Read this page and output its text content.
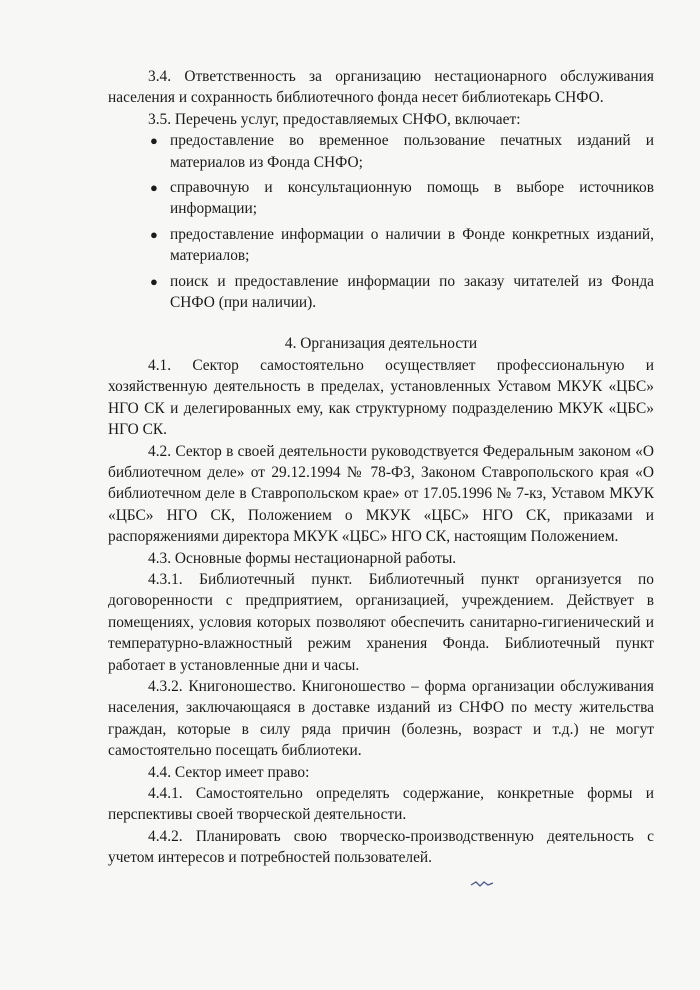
3.4. Ответственность за организацию нестационарного обслуживания населения и сохранность библиотечного фонда несет библиотекарь СНФО.

3.5. Перечень услуг, предоставляемых СНФО, включает:

● предоставление во временное пользование печатных изданий и материалов из Фонда СНФО;
● справочную и консультационную помощь в выборе источников информации;
● предоставление информации о наличии в Фонде конкретных изданий, материалов;
● поиск и предоставление информации по заказу читателей из Фонда СНФО (при наличии).

4. Организация деятельности

4.1. Сектор самостоятельно осуществляет профессиональную и хозяйственную деятельность в пределах, установленных Уставом МКУК «ЦБС» НГО СК и делегированных ему, как структурному подразделению МКУК «ЦБС» НГО СК.

4.2. Сектор в своей деятельности руководствуется Федеральным законом «О библиотечном деле» от 29.12.1994 № 78-ФЗ, Законом Ставропольского края «О библиотечном деле в Ставропольском крае» от 17.05.1996 № 7-кз, Уставом МКУК «ЦБС» НГО СК, Положением о МКУК «ЦБС» НГО СК, приказами и распоряжениями директора МКУК «ЦБС» НГО СК, настоящим Положением.

4.3. Основные формы нестационарной работы.

4.3.1. Библиотечный пункт. Библиотечный пункт организуется по договоренности с предприятием, организацией, учреждением. Действует в помещениях, условия которых позволяют обеспечить санитарно-гигиенический и температурно-влажностный режим хранения Фонда. Библиотечный пункт работает в установленные дни и часы.

4.3.2. Книгоношество. Книгоношество – форма организации обслуживания населения, заключающаяся в доставке изданий из СНФО по месту жительства граждан, которые в силу ряда причин (болезнь, возраст и т.д.) не могут самостоятельно посещать библиотеки.

4.4. Сектор имеет право:

4.4.1. Самостоятельно определять содержание, конкретные формы и перспективы своей творческой деятельности.

4.4.2. Планировать свою творческо-производственную деятельность с учетом интересов и потребностей пользователей.
